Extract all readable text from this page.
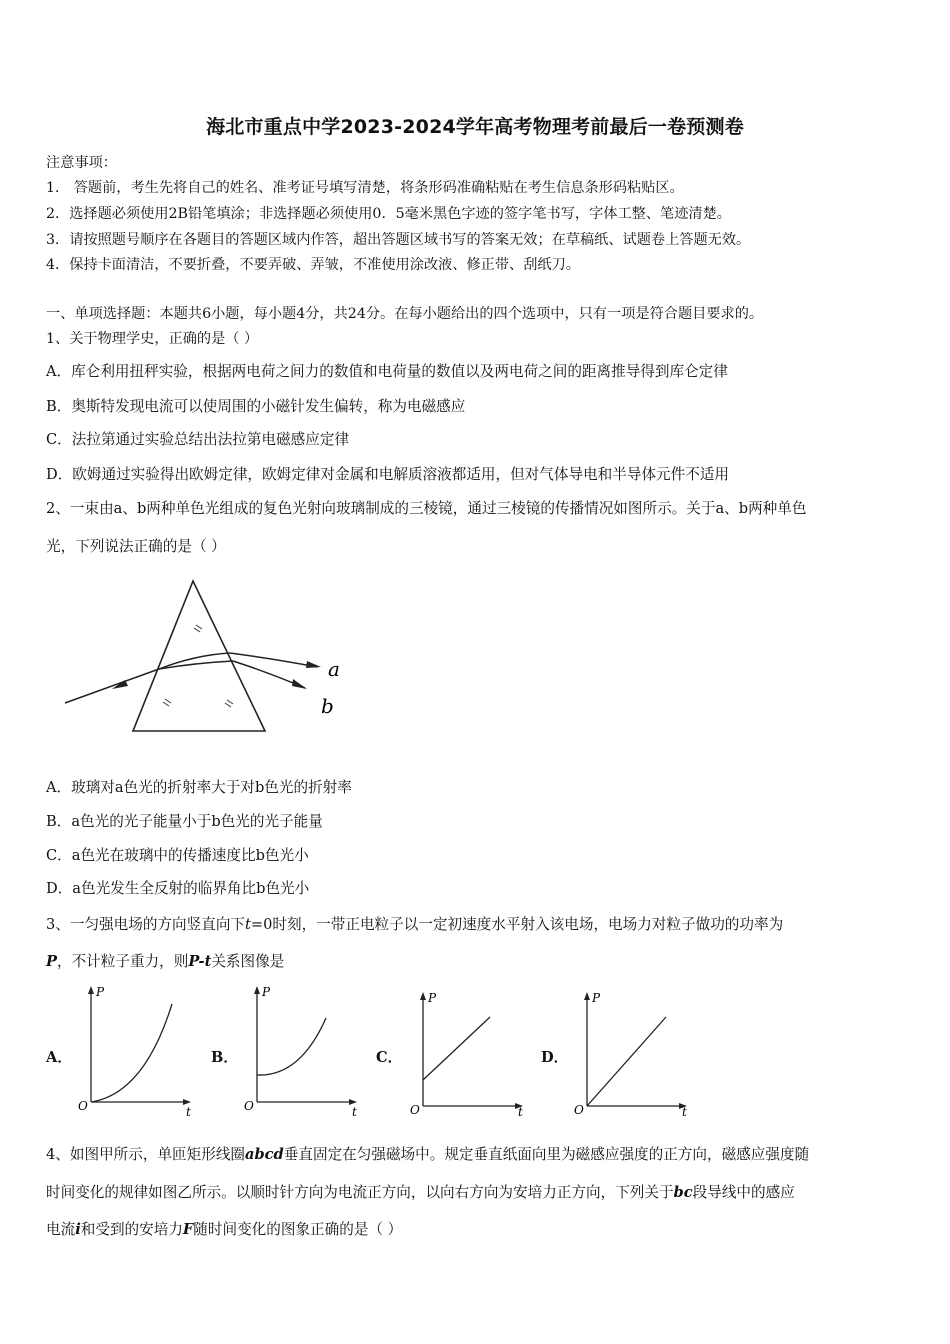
海北市重点中学2023-2024学年高考物理考前最后一卷预测卷
注意事项：
1． 答题前，考生先将自己的姓名、准考证号填写清楚，将条形码准确粘贴在考生信息条形码粘贴区。
2．选择题必须使用2B铅笔填涂；非选择题必须使用0．5毫米黑色字迹的签字笔书写，字体工整、笔迹清楚。
3．请按照题号顺序在各题目的答题区域内作答，超出答题区域书写的答案无效；在草稿纸、试题卷上答题无效。
4．保持卡面清洁，不要折叠，不要弄破、弄皱，不准使用涂改液、修正带、刮纸刀。
一、单项选择题：本题共6小题，每小题4分，共24分。在每小题给出的四个选项中，只有一项是符合题目要求的。
1、关于物理学史，正确的是（ ）
A．库仑利用扭秤实验，根据两电荷之间力的数值和电荷量的数值以及两电荷之间的距离推导得到库仑定律
B．奥斯特发现电流可以使周围的小磁针发生偏转，称为电磁感应
C．法拉第通过实验总结出法拉第电磁感应定律
D．欧姆通过实验得出欧姆定律，欧姆定律对金属和电解质溶液都适用，但对气体导电和半导体元件不适用
2、一束由a、b两种单色光组成的复色光射向玻璃制成的三棱镜，通过三棱镜的传播情况如图所示。关于a、b两种单色
光，下列说法正确的是（ ）
a
b
A．玻璃对a色光的折射率大于对b色光的折射率
B．a色光的光子能量小于b色光的光子能量
C．a色光在玻璃中的传播速度比b色光小
D．a色光发生全反射的临界角比b色光小
3、一匀强电场的方向竖直向下t=0时刻，一带正电粒子以一定初速度水平射入该电场，电场力对粒子做功的功率为
P，不计粒子重力，则P-t关系图像是
A．
P
t
O
B．
P
t
O
C．
P
t
O
D．
P
t
O
4、如图甲所示，单匝矩形线圈abcd垂直固定在匀强磁场中。规定垂直纸面向里为磁感应强度的正方向，磁感应强度随
时间变化的规律如图乙所示。以顺时针方向为电流正方向，以向右方向为安培力正方向，下列关于bc段导线中的感应
电流i和受到的安培力F随时间变化的图象正确的是（ ）
